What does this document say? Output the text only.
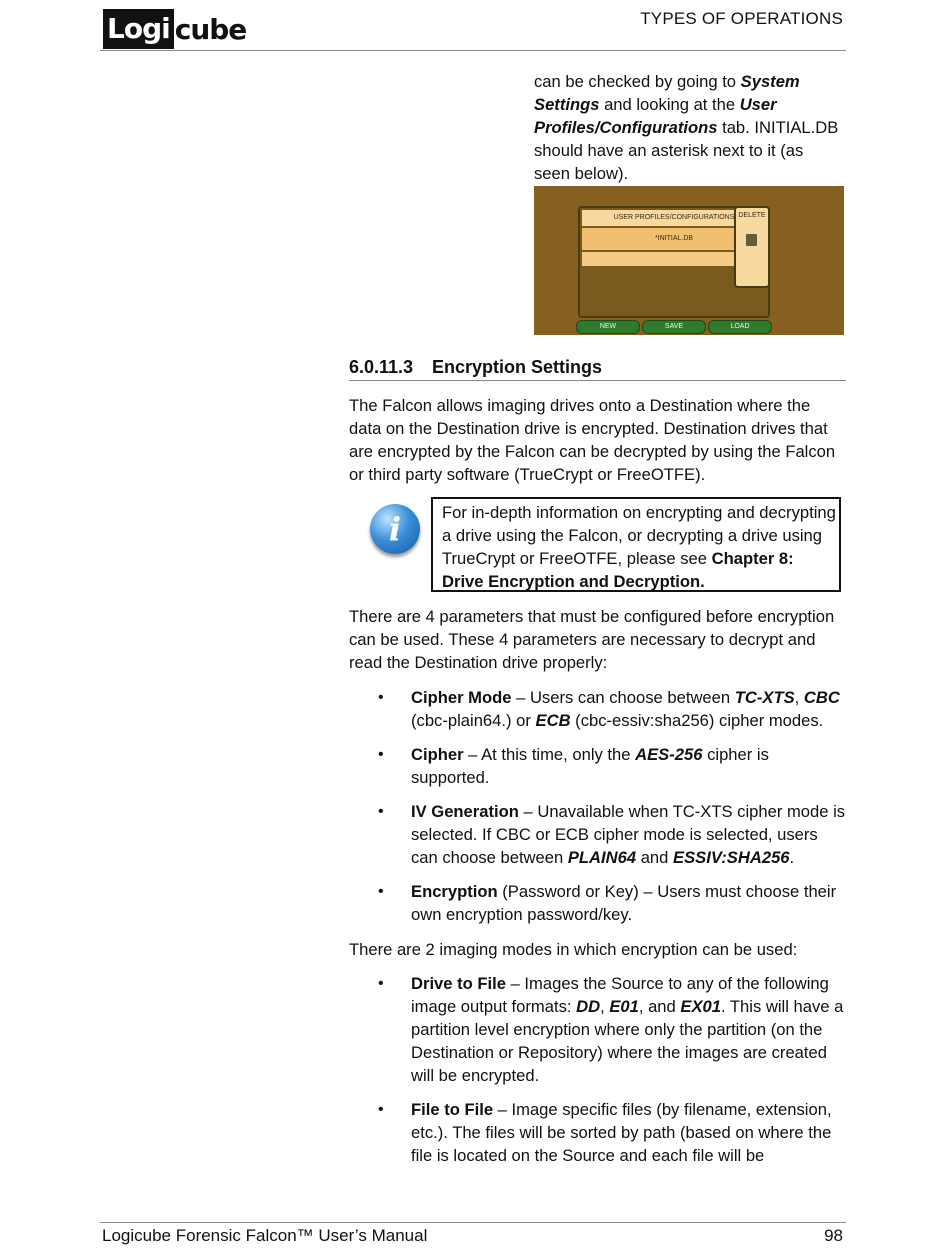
Logi cube	TYPES OF OPERATIONS
can be checked by going to System Settings and looking at the User Profiles/Configurations tab. INITIAL.DB should have an asterisk next to it (as seen below).
USER PROFILES/CONFIGURATIONS
*INITIAL.DB
DELETE
NEW	SAVE	LOAD
6.0.11.3 Encryption Settings
The Falcon allows imaging drives onto a Destination where the data on the Destination drive is encrypted. Destination drives that are encrypted by the Falcon can be decrypted by using the Falcon or third party software (TrueCrypt or FreeOTFE).
i	For in-depth information on encrypting and decrypting a drive using the Falcon, or decrypting a drive using TrueCrypt or FreeOTFE, please see Chapter 8: Drive Encryption and Decryption.
There are 4 parameters that must be configured before encryption can be used. These 4 parameters are necessary to decrypt and read the Destination drive properly:
• Cipher Mode – Users can choose between TC-XTS, CBC (cbc-plain64.) or ECB (cbc-essiv:sha256) cipher modes.
• Cipher – At this time, only the AES-256 cipher is supported.
• IV Generation – Unavailable when TC-XTS cipher mode is selected. If CBC or ECB cipher mode is selected, users can choose between PLAIN64 and ESSIV:SHA256.
• Encryption (Password or Key) – Users must choose their own encryption password/key.
There are 2 imaging modes in which encryption can be used:
• Drive to File – Images the Source to any of the following image output formats: DD, E01, and EX01. This will have a partition level encryption where only the partition (on the Destination or Repository) where the images are created will be encrypted.
• File to File – Image specific files (by filename, extension, etc.). The files will be sorted by path (based on where the file is located on the Source and each file will be
Logicube Forensic Falcon™ User’s Manual	98
